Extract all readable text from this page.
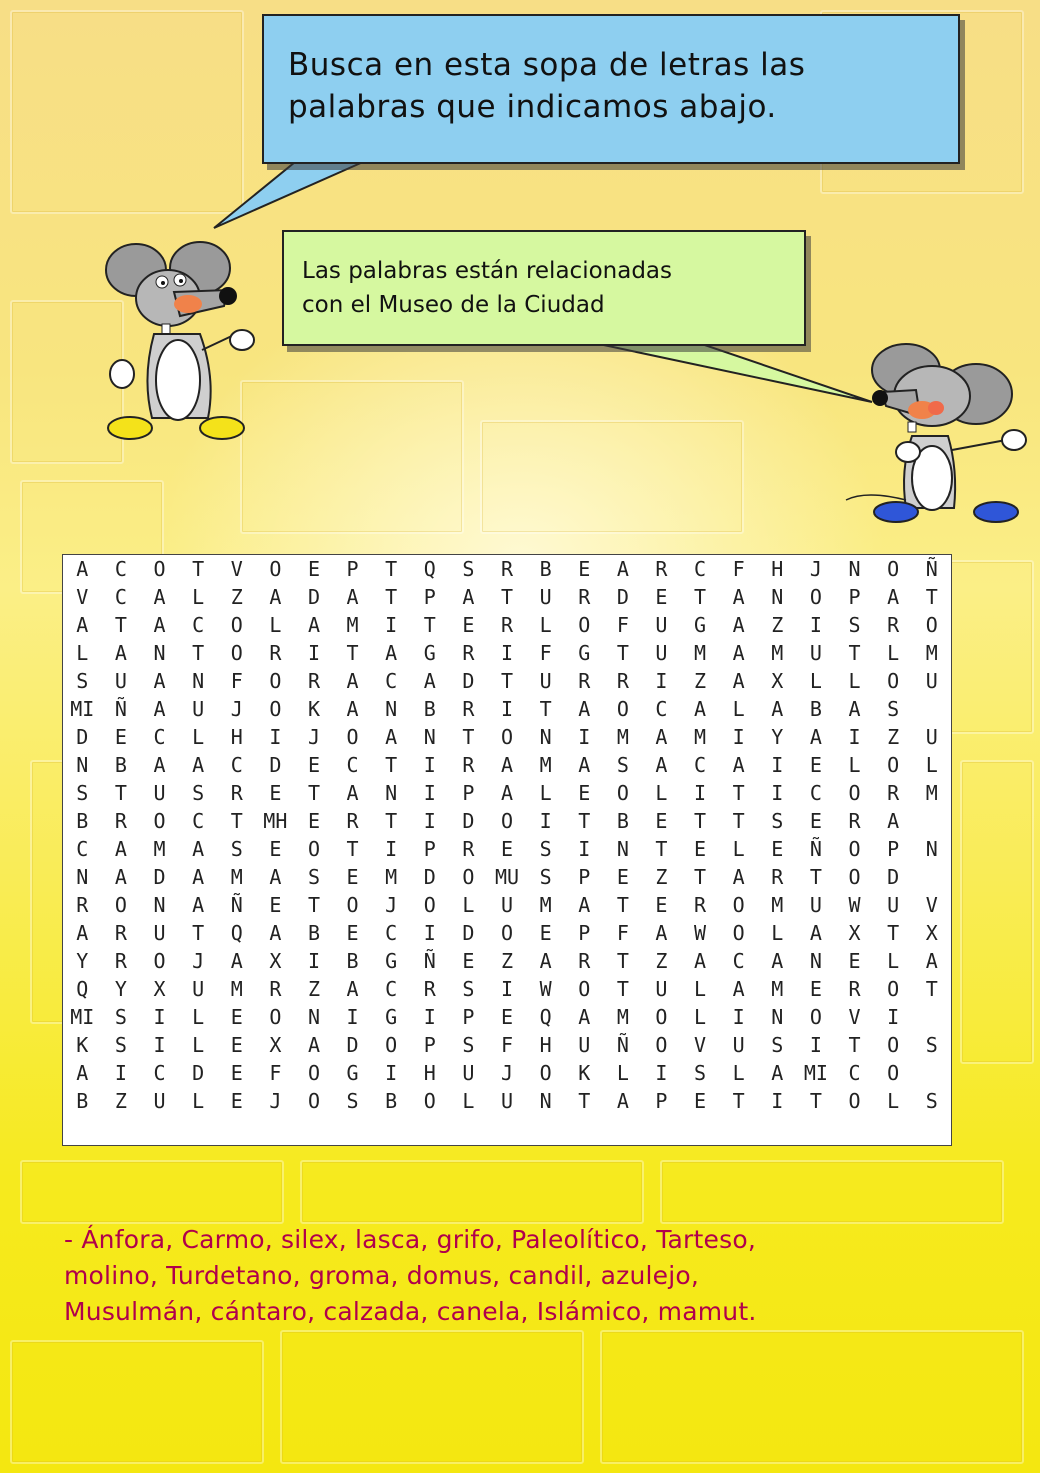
Busca en esta sopa de letras las
palabras que indicamos abajo.
Las palabras están relacionadas
con el Museo de la Ciudad
A	C	O	T	V	O	E	P	T	Q	S	R	B	E	A	R	C	F	H	J	N	O	Ñ
V	C	A	L	Z	A	D	A	T	P	A	T	U	R	D	E	T	A	N	O	P	A	T
A	T	A	C	O	L	A	M	I	T	E	R	L	O	F	U	G	A	Z	I	S	R	O
L	A	N	T	O	R	I	T	A	G	R	I	F	G	T	U	M	A	M	U	T	L	M
S	U	A	N	F	O	R	A	C	A	D	T	U	R	R	I	Z	A	X	L	L	O	U
MI	Ñ	A	U	J	O	K	A	N	B	R	I	T	A	O	C	A	L	A	B	A	S
D	E	C	L	H	I	J	O	A	N	T	O	N	I	M	A	M	I	Y	A	I	Z	U
N	B	A	A	C	D	E	C	T	I	R	A	M	A	S	A	C	A	I	E	L	O	L
S	T	U	S	R	E	T	A	N	I	P	A	L	E	O	L	I	T	I	C	O	R	M
B	R	O	C	T	MH	E	R	T	I	D	O	I	T	B	E	T	T	S	E	R	A
C	A	M	A	S	E	O	T	I	P	R	E	S	I	N	T	E	L	E	Ñ	O	P	N
N	A	D	A	M	A	S	E	M	D	O	MU	S	P	E	Z	T	A	R	T	O	D
R	O	N	A	Ñ	E	T	O	J	O	L	U	M	A	T	E	R	O	M	U	W	U	V
A	R	U	T	Q	A	B	E	C	I	D	O	E	P	F	A	W	O	L	A	X	T	X
Y	R	O	J	A	X	I	B	G	Ñ	E	Z	A	R	T	Z	A	C	A	N	E	L	A
Q	Y	X	U	M	R	Z	A	C	R	S	I	W	O	T	U	L	A	M	E	R	O	T
MI	S	I	L	E	O	N	I	G	I	P	E	Q	A	M	O	L	I	N	O	V	I
K	S	I	L	E	X	A	D	O	P	S	F	H	U	Ñ	O	V	U	S	I	T	O	S
A	I	C	D	E	F	O	G	I	H	U	J	O	K	L	I	S	L	A	MI	C	O
B	Z	U	L	E	J	O	S	B	O	L	U	N	T	A	P	E	T	I	T	O	L	S
- Ánfora, Carmo, silex, lasca, grifo, Paleolítico, Tarteso,
molino, Turdetano, groma, domus, candil, azulejo,
Musulmán, cántaro, calzada, canela, Islámico, mamut.
